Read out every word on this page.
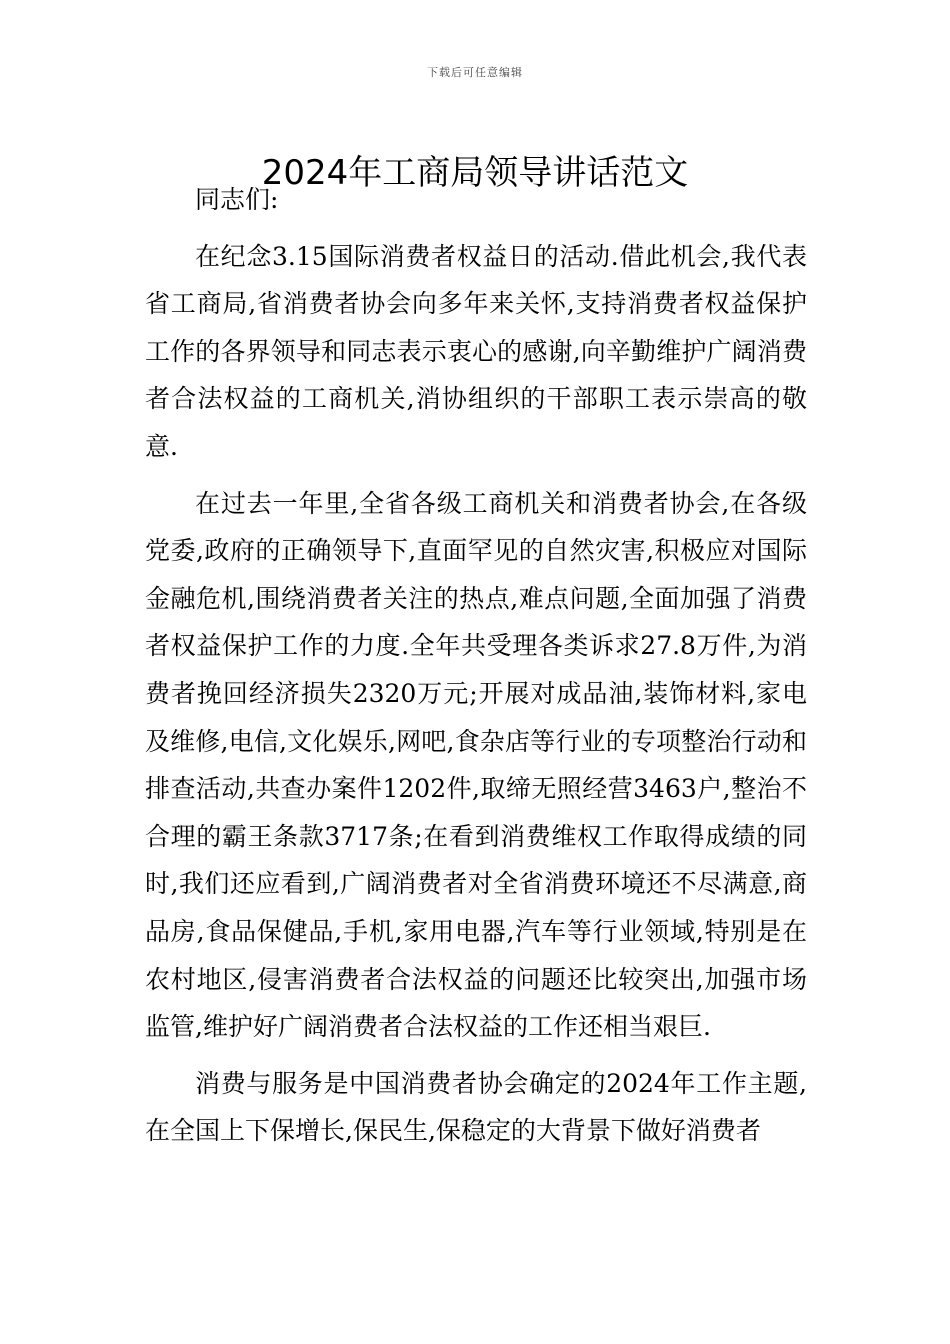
下载后可任意编辑
2024年工商局领导讲话范文

同志们:

在纪念3.15国际消费者权益日的活动.借此机会,我代表省工商局,省消费者协会向多年来关怀,支持消费者权益保护工作的各界领导和同志表示衷心的感谢,向辛勤维护广阔消费者合法权益的工商机关,消协组织的干部职工表示崇高的敬意.

在过去一年里,全省各级工商机关和消费者协会,在各级党委,政府的正确领导下,直面罕见的自然灾害,积极应对国际金融危机,围绕消费者关注的热点,难点问题,全面加强了消费者权益保护工作的力度.全年共受理各类诉求27.8万件,为消费者挽回经济损失2320万元;开展对成品油,装饰材料,家电及维修,电信,文化娱乐,网吧,食杂店等行业的专项整治行动和排查活动,共查办案件1202件,取缔无照经营3463户,整治不合理的霸王条款3717条;在看到消费维权工作取得成绩的同时,我们还应看到,广阔消费者对全省消费环境还不尽满意,商品房,食品保健品,手机,家用电器,汽车等行业领域,特别是在农村地区,侵害消费者合法权益的问题还比较突出,加强市场监管,维护好广阔消费者合法权益的工作还相当艰巨.

消费与服务是中国消费者协会确定的2024年工作主题,在全国上下保增长,保民生,保稳定的大背景下做好消费者
